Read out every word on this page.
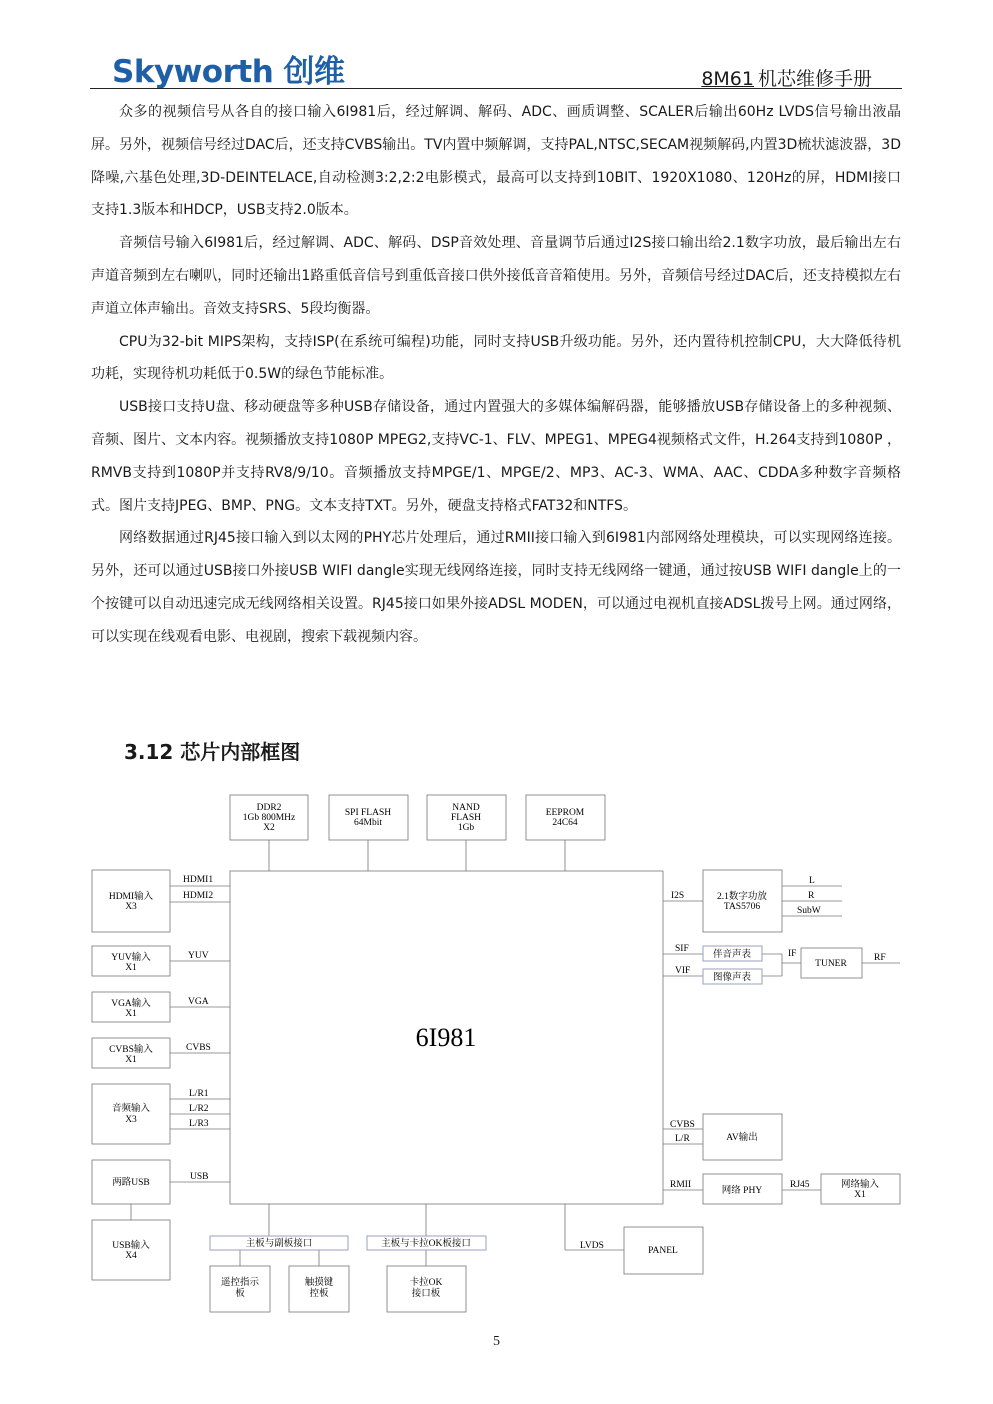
Skyworth 创维	8M61 机芯维修手册

众多的视频信号从各自的接口输入6I981后，经过解调、解码、ADC、画质调整、SCALER后输出60Hz LVDS信号输出液晶屏。另外，视频信号经过DAC后，还支持CVBS输出。TV内置中频解调，支持PAL,NTSC,SECAM视频解码,内置3D梳状滤波器，3D降噪,六基色处理,3D-DEINTELACE,自动检测3:2,2:2电影模式，最高可以支持到10BIT、1920X1080、120Hz的屏，HDMI接口支持1.3版本和HDCP，USB支持2.0版本。

音频信号输入6I981后，经过解调、ADC、解码、DSP音效处理、音量调节后通过I2S接口输出给2.1数字功放，最后输出左右声道音频到左右喇叭，同时还输出1路重低音信号到重低音接口供外接低音音箱使用。另外，音频信号经过DAC后，还支持模拟左右声道立体声输出。音效支持SRS、5段均衡器。

CPU为32-bit MIPS架构，支持ISP(在系统可编程)功能，同时支持USB升级功能。另外，还内置待机控制CPU，大大降低待机功耗，实现待机功耗低于0.5W的绿色节能标准。

USB接口支持U盘、移动硬盘等多种USB存储设备，通过内置强大的多媒体编解码器，能够播放USB存储设备上的多种视频、音频、图片、文本内容。视频播放支持1080P MPEG2,支持VC-1、FLV、MPEG1、MPEG4视频格式文件，H.264支持到1080P ，RMVB支持到1080P并支持RV8/9/10。音频播放支持MPGE/1、MPGE/2、MP3、AC-3、WMA、AAC、CDDA多种数字音频格式。图片支持JPEG、BMP、PNG。文本支持TXT。另外，硬盘支持格式FAT32和NTFS。

网络数据通过RJ45接口输入到以太网的PHY芯片处理后，通过RMII接口输入到6I981内部网络处理模块，可以实现网络连接。另外，还可以通过USB接口外接USB WIFI dangle实现无线网络连接，同时支持无线网络一键通，通过按USB WIFI dangle上的一个按键可以自动迅速完成无线网络相关设置。RJ45接口如果外接ADSL MODEN，可以通过电视机直接ADSL拨号上网。通过网络，可以实现在线观看电影、电视剧，搜索下载视频内容。

3.12 芯片内部框图
6I981
DDR2
1Gb 800MHz
X2
SPI FLASH
64Mbit
NAND
FLASH
1Gb
EEPROM
24C64
HDMI输入
X3
YUV输入
X1
VGA输入
X1
CVBS输入
X1
音频输入
X3
两路USB
USB输入
X4
HDMI1
HDMI2
YUV
VGA
CVBS
L/R1
L/R2
L/R3
USB
I2S
SIF
VIF
IF	RF
CVBS
L/R
RMII	RJ45
LVDS
L
R
SubW
2.1数字功放
TAS5706
伴音声表
图像声表
TUNER
AV输出
网络 PHY
网络输入
X1
PANEL
主板与副板接口	主板与卡拉OK板接口
遥控指示
板
触摸键
控板
卡拉OK
接口板
5
